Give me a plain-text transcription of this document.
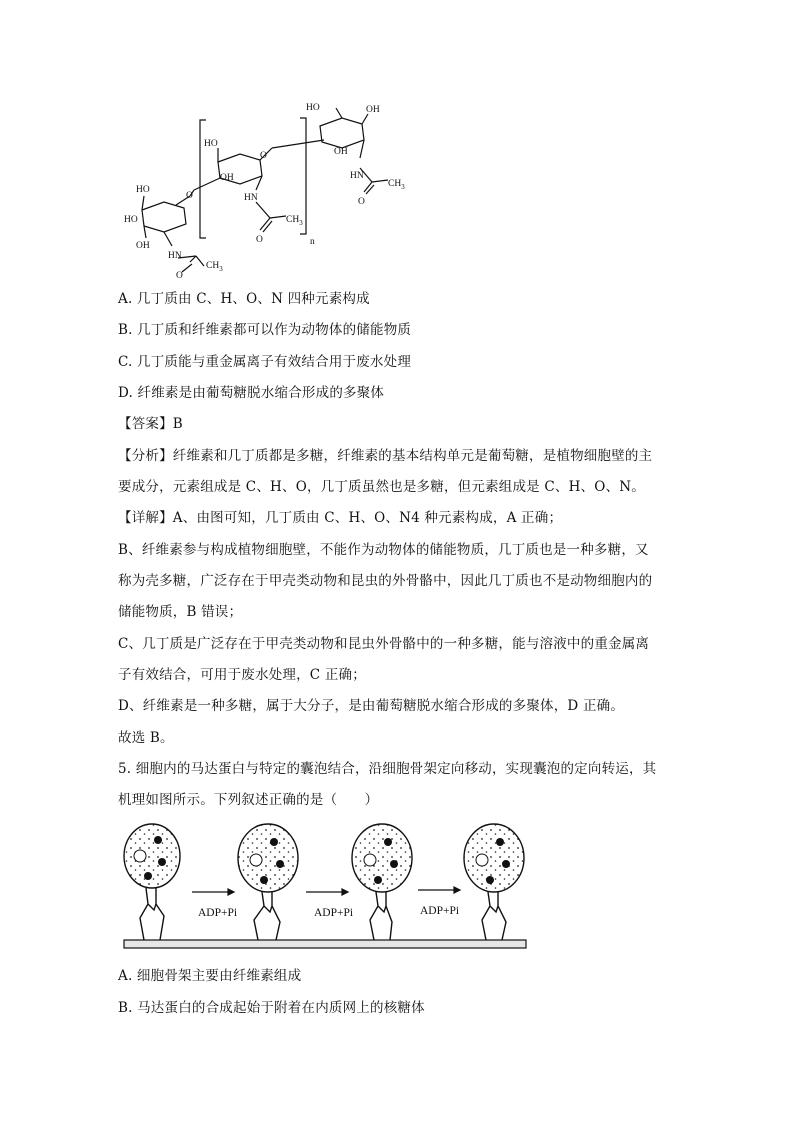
HO
HO
OH
O
HN
O
$CH_3$
HO
OH
O
HN
O
$CH_3$
n
HO	OH
OH
HN
O
$CH_3$
A. 几丁质由 C、H、O、N 四种元素构成
B. 几丁质和纤维素都可以作为动物体的储能物质
C. 几丁质能与重金属离子有效结合用于废水处理
D. 纤维素是由葡萄糖脱水缩合形成的多聚体
【答案】B
【分析】纤维素和几丁质都是多糖，纤维素的基本结构单元是葡萄糖，是植物细胞壁的主
要成分，元素组成是 C、H、O，几丁质虽然也是多糖，但元素组成是 C、H、O、N。
【详解】A、由图可知，几丁质由 C、H、O、N4 种元素构成，A 正确；
B、纤维素参与构成植物细胞壁，不能作为动物体的储能物质，几丁质也是一种多糖，又
称为壳多糖，广泛存在于甲壳类动物和昆虫的外骨骼中，因此几丁质也不是动物细胞内的
储能物质，B 错误；
C、几丁质是广泛存在于甲壳类动物和昆虫外骨骼中的一种多糖，能与溶液中的重金属离
子有效结合，可用于废水处理，C 正确；
D、纤维素是一种多糖，属于大分子，是由葡萄糖脱水缩合形成的多聚体，D 正确。
故选 B。
5. 细胞内的马达蛋白与特定的囊泡结合，沿细胞骨架定向移动，实现囊泡的定向转运，其
机理如图所示。下列叙述正确的是（　　）
ADP+Pi	ADP+Pi	ADP+Pi
A. 细胞骨架主要由纤维素组成
B. 马达蛋白的合成起始于附着在内质网上的核糖体
